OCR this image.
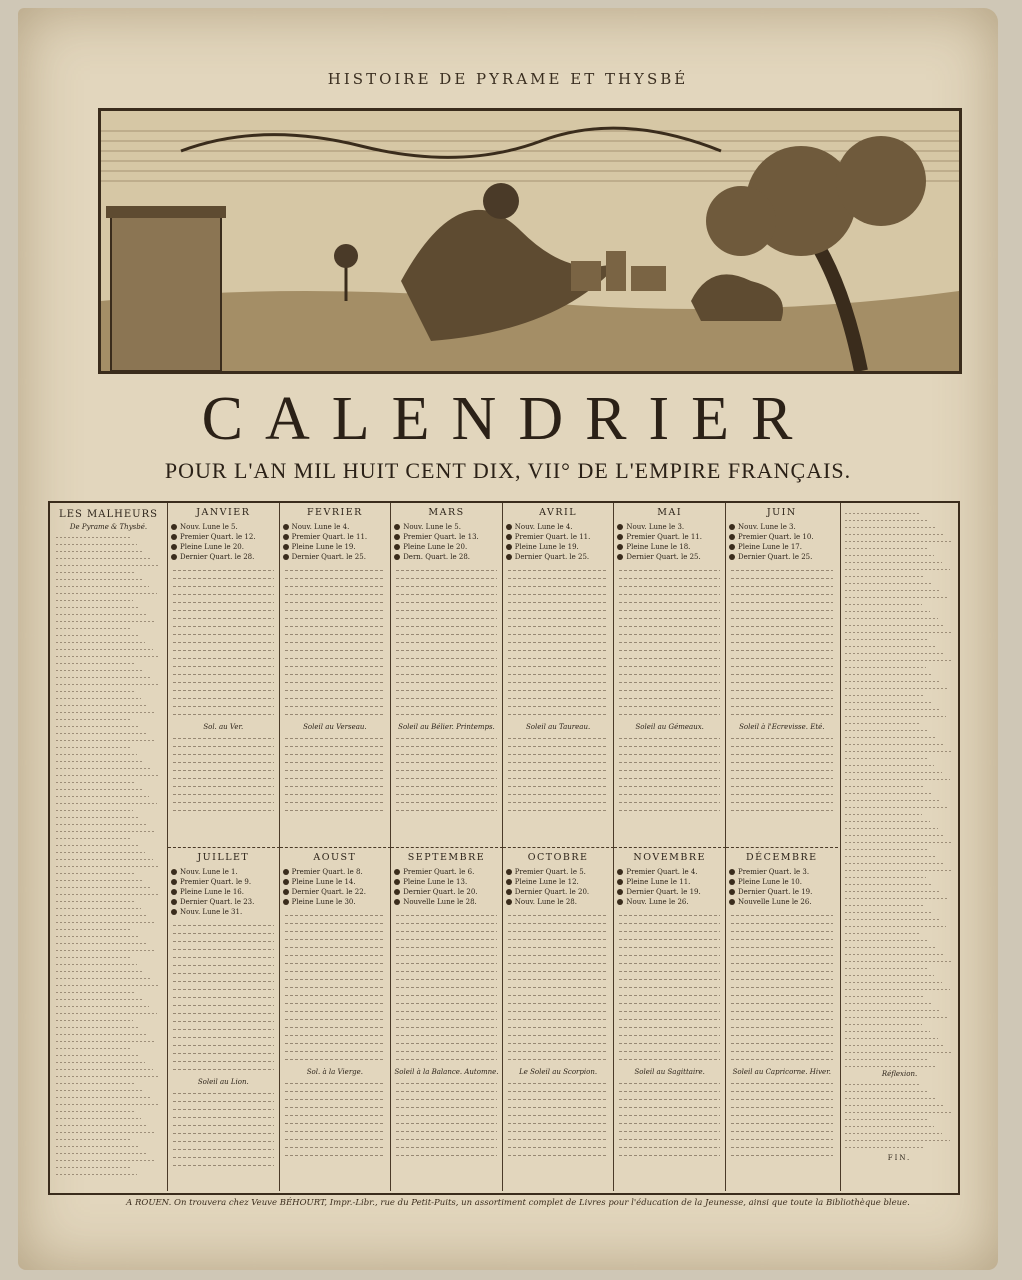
HISTOIRE DE PYRAME ET THYSBÉ
CALENDRIER
POUR L'AN MIL HUIT CENT DIX, VII° DE L'EMPIRE FRANÇAIS.
LES MALHEURS
De Pyrame & Thysbé.
JANVIER
Nouv. Lune le 5.
Premier Quart. le 12.
Pleine Lune le 20.
Dernier Quart. le 28.
Sol. au Ver.
FEVRIER
Nouv. Lune le 4.
Premier Quart. le 11.
Pleine Lune le 19.
Dernier Quart. le 25.
Soleil au Verseau.
MARS
Nouv. Lune le 5.
Premier Quart. le 13.
Pleine Lune le 20.
Dern. Quart. le 28.
Soleil au Bélier. Printemps.
AVRIL
Nouv. Lune le 4.
Premier Quart. le 11.
Pleine Lune le 19.
Dernier Quart. le 25.
Soleil au Taureau.
MAI
Nouv. Lune le 3.
Premier Quart. le 11.
Pleine Lune le 18.
Dernier Quart. le 25.
Soleil au Gémeaux.
JUIN
Nouv. Lune le 3.
Premier Quart. le 10.
Pleine Lune le 17.
Dernier Quart. le 25.
Soleil à l'Ecrevisse. Eté.
JUILLET
Nouv. Lune le 1.
Premier Quart. le 9.
Pleine Lune le 16.
Dernier Quart. le 23.
Nouv. Lune le 31.
Soleil au Lion.
AOUST
Premier Quart. le 8.
Pleine Lune le 14.
Dernier Quart. le 22.
Pleine Lune le 30.
Sol. à la Vierge.
SEPTEMBRE
Premier Quart. le 6.
Pleine Lune le 13.
Dernier Quart. le 20.
Nouvelle Lune le 28.
Soleil à la Balance. Automne.
OCTOBRE
Premier Quart. le 5.
Pleine Lune le 12.
Dernier Quart. le 20.
Nouv. Lune le 28.
Le Soleil au Scorpion.
NOVEMBRE
Premier Quart. le 4.
Pleine Lune le 11.
Dernier Quart. le 19.
Nouv. Lune le 26.
Soleil au Sagittaire.
DÉCEMBRE
Premier Quart. le 3.
Pleine Lune le 10.
Dernier Quart. le 19.
Nouvelle Lune le 26.
Soleil au Capricorne. Hiver.	Réflexion.
FIN.
A ROUEN. On trouvera chez Veuve BÉHOURT, Impr.-Libr., rue du Petit-Puits, un assortiment complet de Livres pour l'éducation de la Jeunesse, ainsi que toute la Bibliothèque bleue.
